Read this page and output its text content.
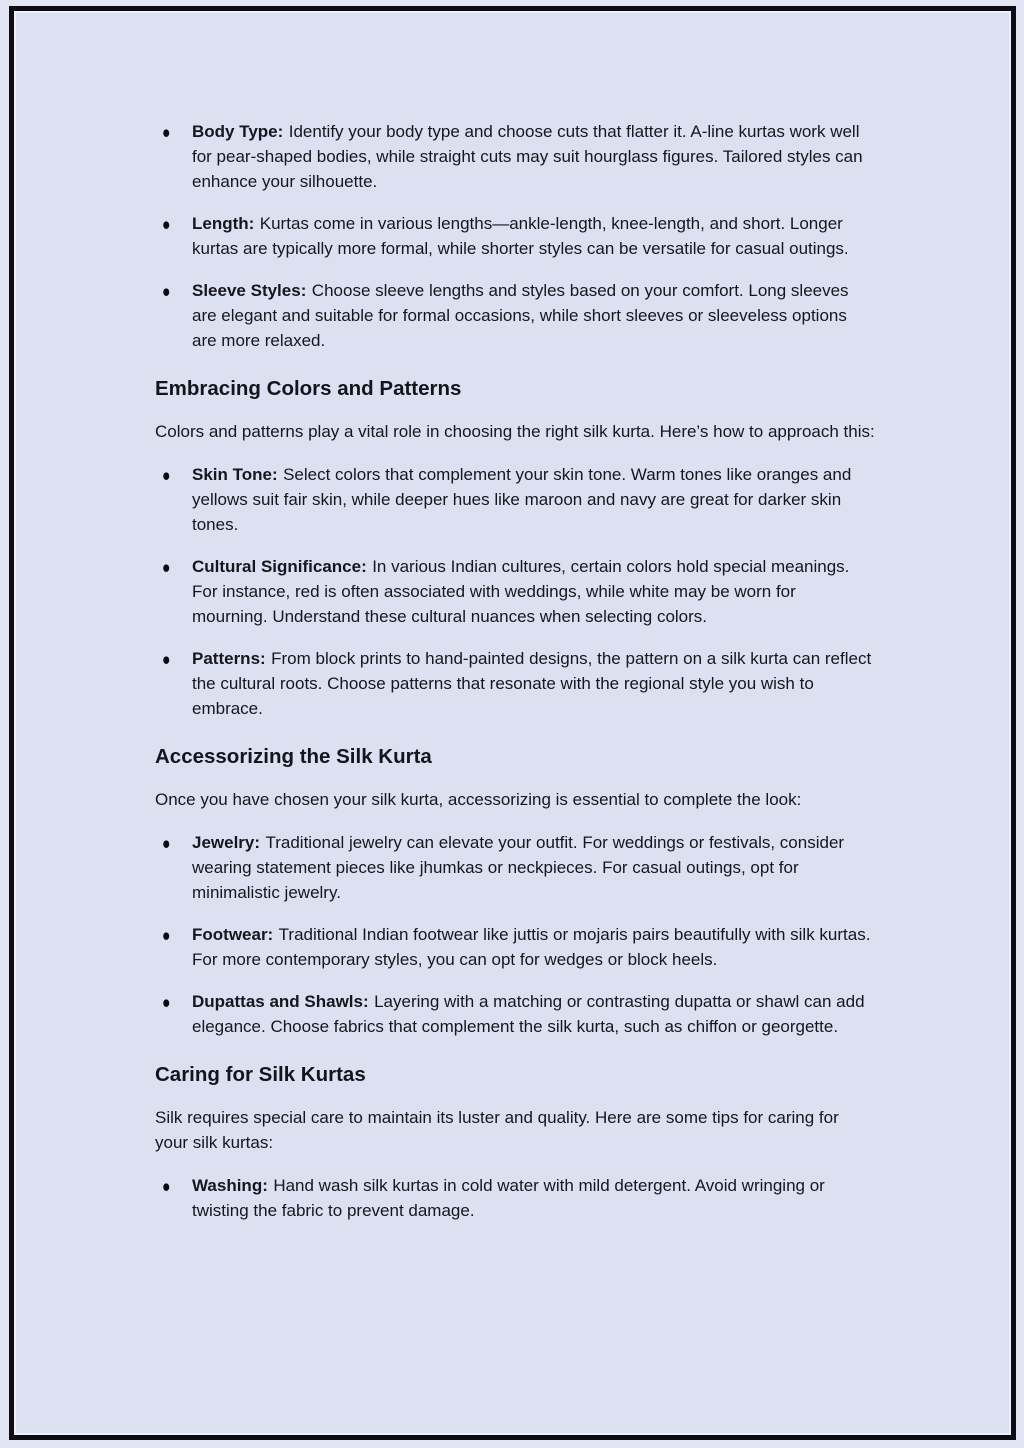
● Body Type: Identify your body type and choose cuts that flatter it. A-line kurtas work well for pear-shaped bodies, while straight cuts may suit hourglass figures. Tailored styles can enhance your silhouette.

● Length: Kurtas come in various lengths—ankle-length, knee-length, and short. Longer kurtas are typically more formal, while shorter styles can be versatile for casual outings.

● Sleeve Styles: Choose sleeve lengths and styles based on your comfort. Long sleeves are elegant and suitable for formal occasions, while short sleeves or sleeveless options are more relaxed.

Embracing Colors and Patterns

Colors and patterns play a vital role in choosing the right silk kurta. Here’s how to approach this:

● Skin Tone: Select colors that complement your skin tone. Warm tones like oranges and yellows suit fair skin, while deeper hues like maroon and navy are great for darker skin tones.

● Cultural Significance: In various Indian cultures, certain colors hold special meanings. For instance, red is often associated with weddings, while white may be worn for mourning. Understand these cultural nuances when selecting colors.

● Patterns: From block prints to hand-painted designs, the pattern on a silk kurta can reflect the cultural roots. Choose patterns that resonate with the regional style you wish to embrace.

Accessorizing the Silk Kurta

Once you have chosen your silk kurta, accessorizing is essential to complete the look:

● Jewelry: Traditional jewelry can elevate your outfit. For weddings or festivals, consider wearing statement pieces like jhumkas or neckpieces. For casual outings, opt for minimalistic jewelry.

● Footwear: Traditional Indian footwear like juttis or mojaris pairs beautifully with silk kurtas. For more contemporary styles, you can opt for wedges or block heels.

● Dupattas and Shawls: Layering with a matching or contrasting dupatta or shawl can add elegance. Choose fabrics that complement the silk kurta, such as chiffon or georgette.

Caring for Silk Kurtas

Silk requires special care to maintain its luster and quality. Here are some tips for caring for your silk kurtas:

● Washing: Hand wash silk kurtas in cold water with mild detergent. Avoid wringing or twisting the fabric to prevent damage.
